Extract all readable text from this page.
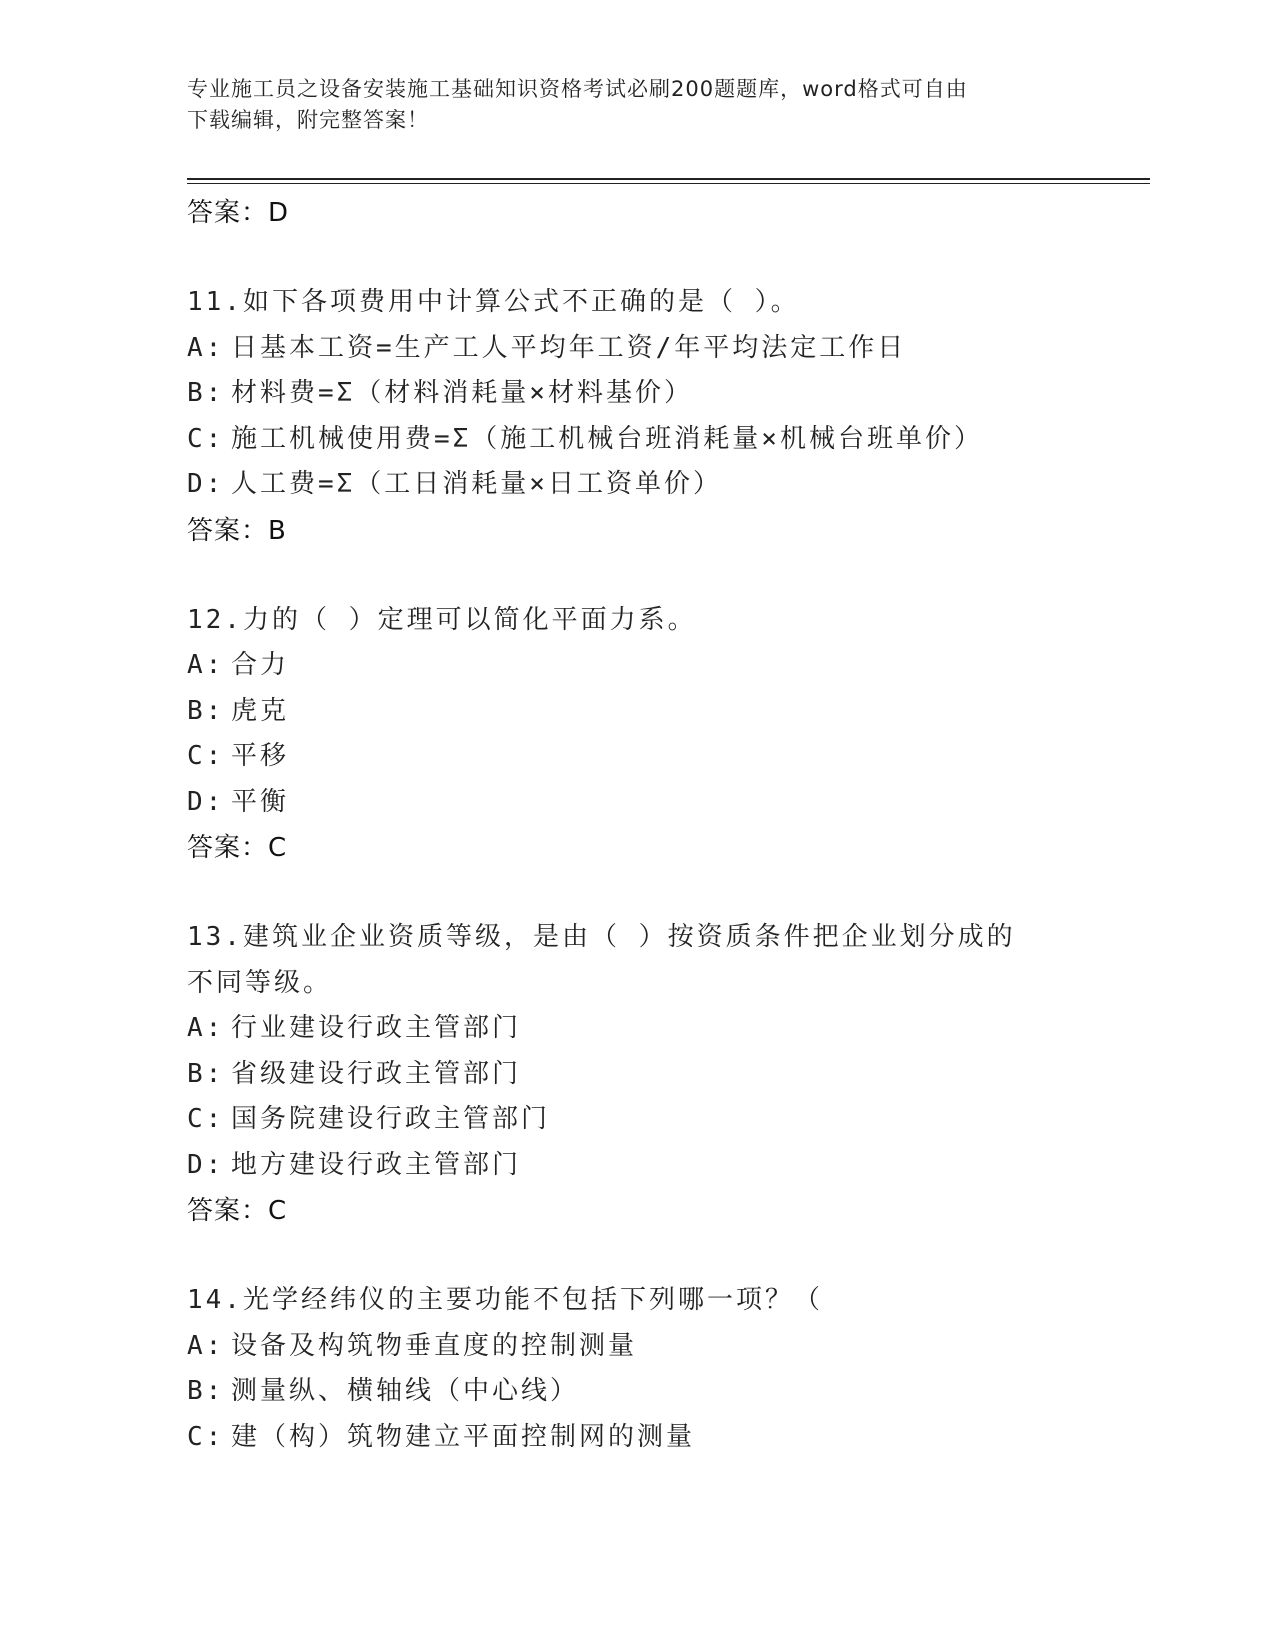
专业施工员之设备安装施工基础知识资格考试必刷200题题库，word格式可自由
下载编辑，附完整答案！
答案：D
11.如下各项费用中计算公式不正确的是（ ）。
A: 日基本工资=生产工人平均年工资/年平均法定工作日
B: 材料费=Σ（材料消耗量×材料基价）
C: 施工机械使用费=Σ（施工机械台班消耗量×机械台班单价）
D: 人工费=Σ（工日消耗量×日工资单价）
答案：B
12.力的（ ）定理可以简化平面力系。
A: 合力
B: 虎克
C: 平移
D: 平衡
答案：C
13.建筑业企业资质等级，是由（ ）按资质条件把企业划分成的不同等级。
A: 行业建设行政主管部门
B: 省级建设行政主管部门
C: 国务院建设行政主管部门
D: 地方建设行政主管部门
答案：C
14.光学经纬仪的主要功能不包括下列哪一项？（
A: 设备及构筑物垂直度的控制测量
B: 测量纵、横轴线（中心线）
C: 建（构）筑物建立平面控制网的测量
